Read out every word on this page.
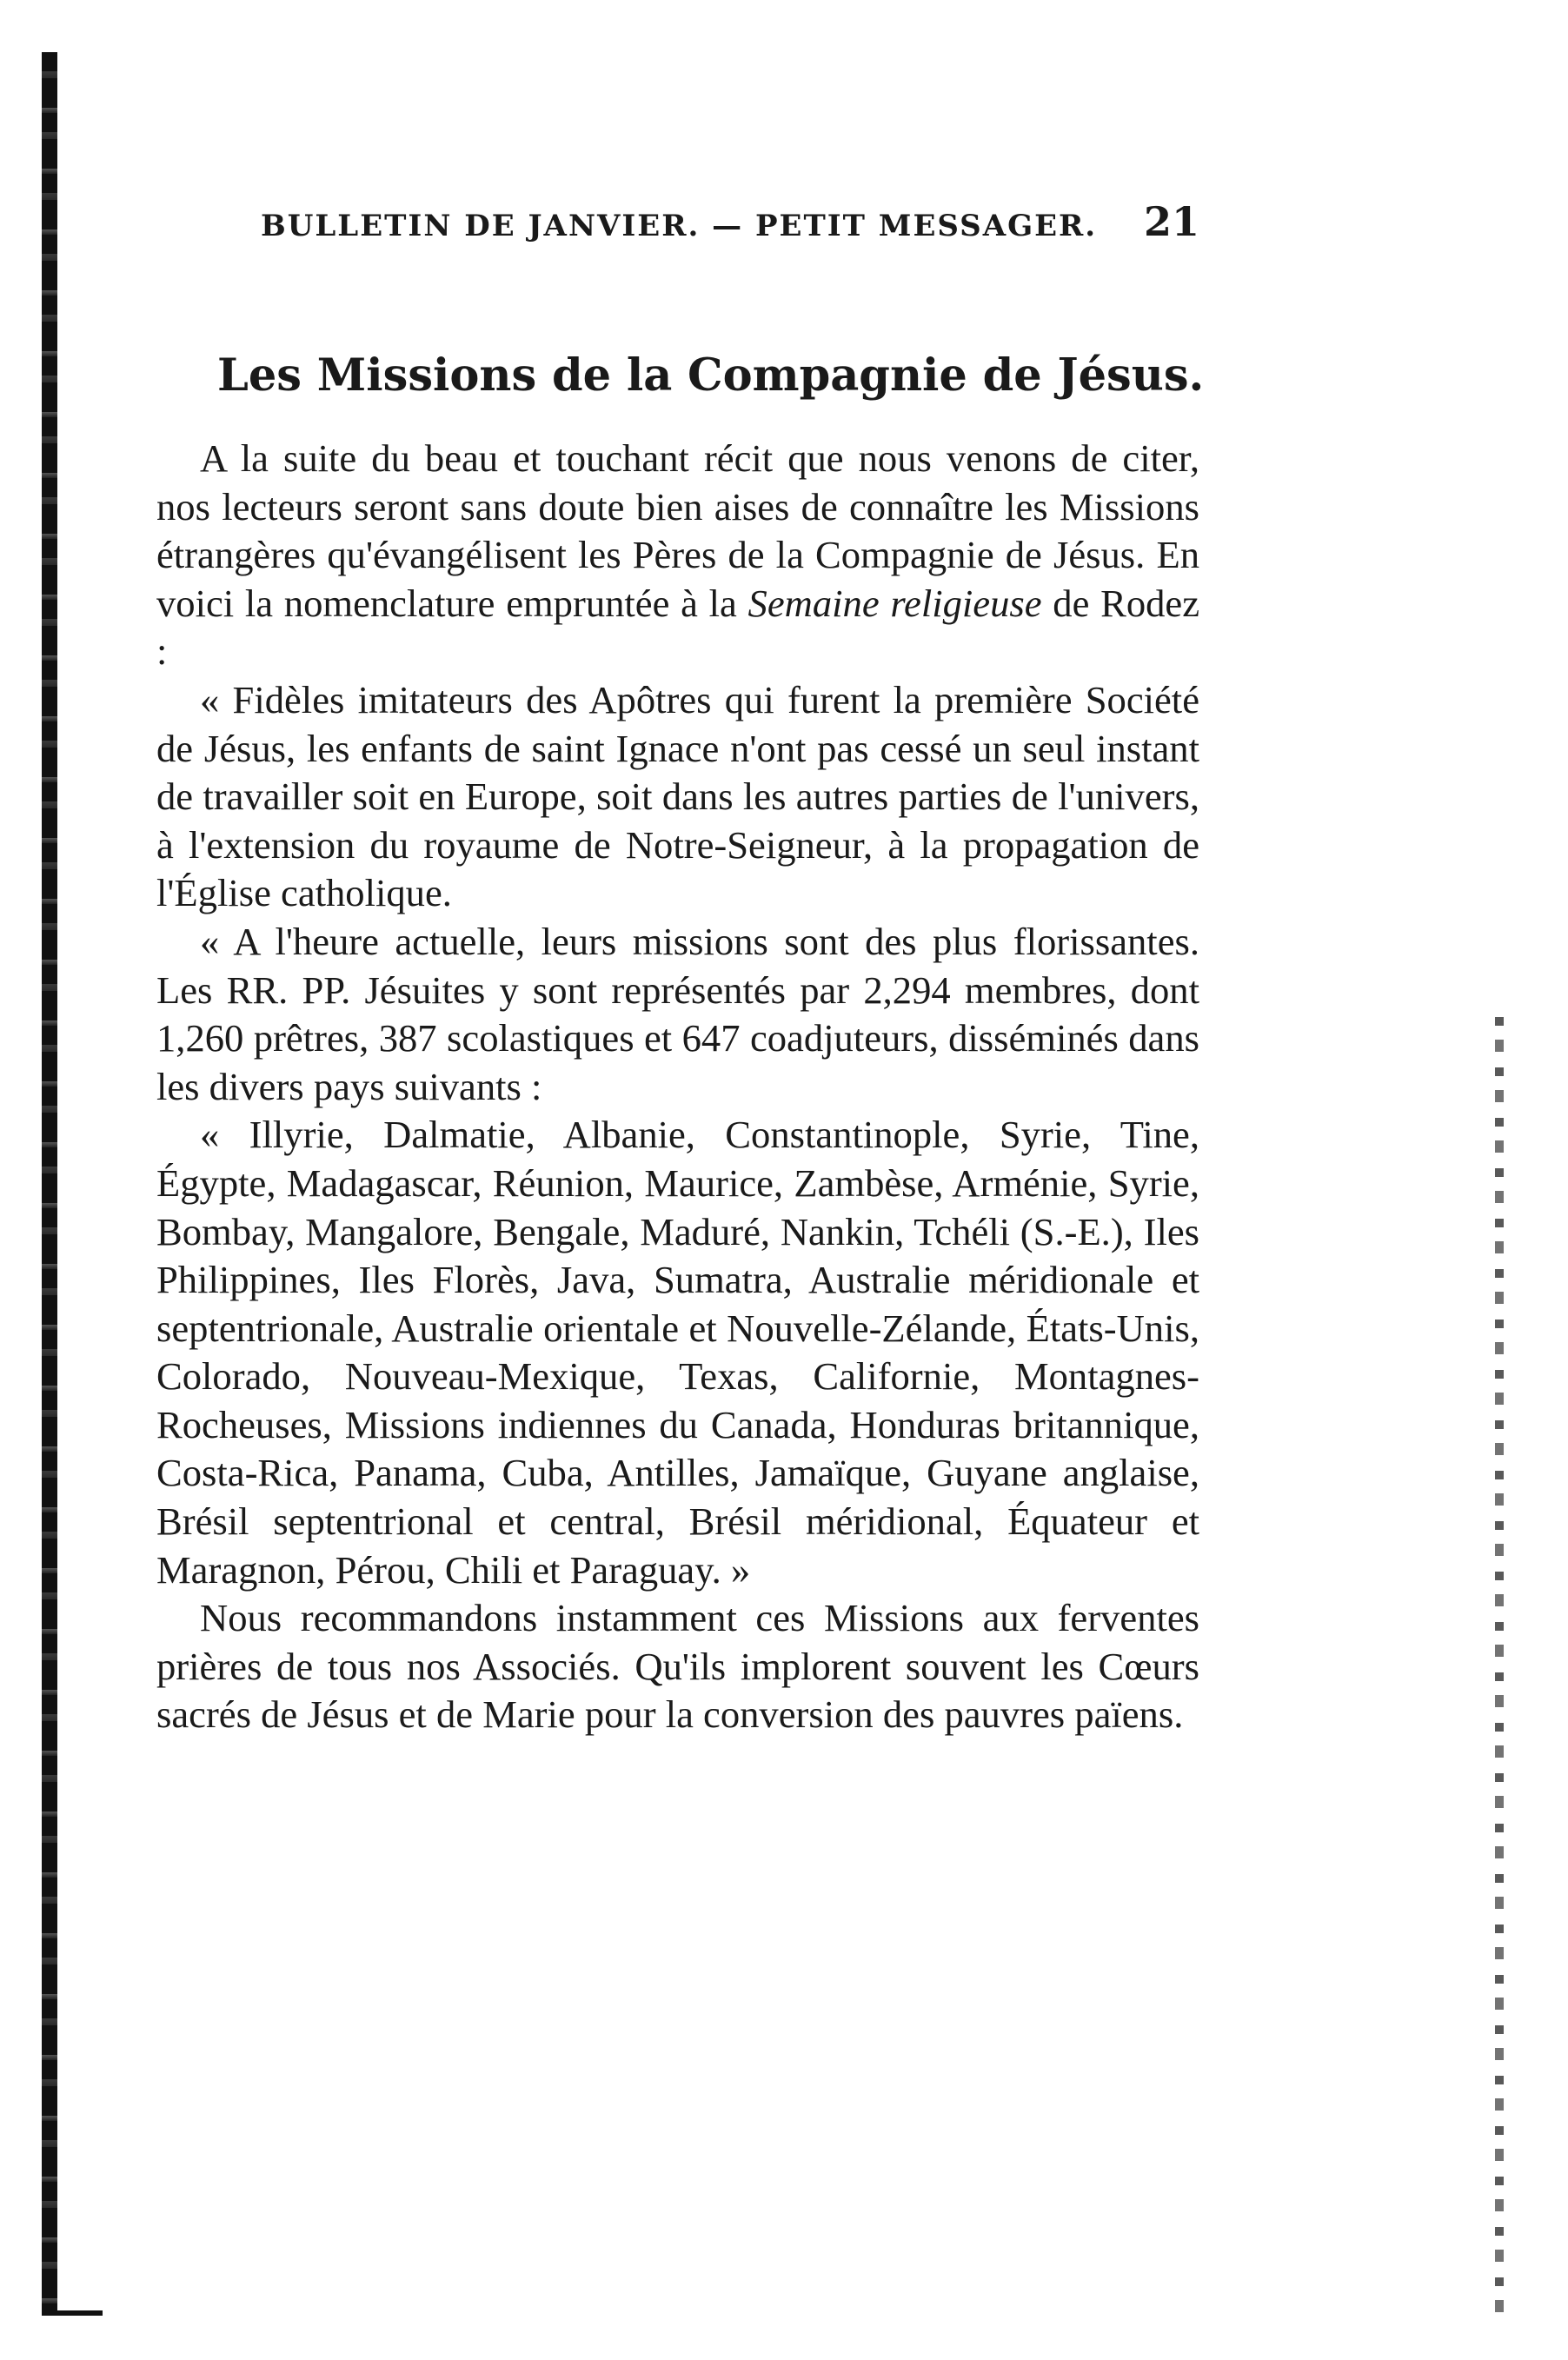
BULLETIN DE JANVIER. — PETIT MESSAGER.	21
Les Missions de la Compagnie de Jésus.

A la suite du beau et touchant récit que nous venons de citer, nos lecteurs seront sans doute bien aises de connaître les Missions étrangères qu'évangélisent les Pères de la Compagnie de Jésus. En voici la nomenclature empruntée à la Semaine religieuse de Rodez :

« Fidèles imitateurs des Apôtres qui furent la première Société de Jésus, les enfants de saint Ignace n'ont pas cessé un seul instant de travailler soit en Europe, soit dans les autres parties de l'univers, à l'extension du royaume de Notre-Seigneur, à la propagation de l'Église catholique.

« A l'heure actuelle, leurs missions sont des plus florissantes. Les RR. PP. Jésuites y sont représentés par 2,294 membres, dont 1,260 prêtres, 387 scolastiques et 647 coadjuteurs, disséminés dans les divers pays suivants :

« Illyrie, Dalmatie, Albanie, Constantinople, Syrie, Tine, Égypte, Madagascar, Réunion, Maurice, Zambèse, Arménie, Syrie, Bombay, Mangalore, Bengale, Maduré, Nankin, Tchéli (S.-E.), Iles Philippines, Iles Florès, Java, Sumatra, Australie méridionale et septentrionale, Australie orientale et Nouvelle-Zélande, États-Unis, Colorado, Nouveau-Mexique, Texas, Californie, Montagnes-Rocheuses, Missions indiennes du Canada, Honduras britannique, Costa-Rica, Panama, Cuba, Antilles, Jamaïque, Guyane anglaise, Brésil septentrional et central, Brésil méridional, Équateur et Maragnon, Pérou, Chili et Paraguay. »

Nous recommandons instamment ces Missions aux ferventes prières de tous nos Associés. Qu'ils implorent souvent les Cœurs sacrés de Jésus et de Marie pour la conversion des pauvres païens.
